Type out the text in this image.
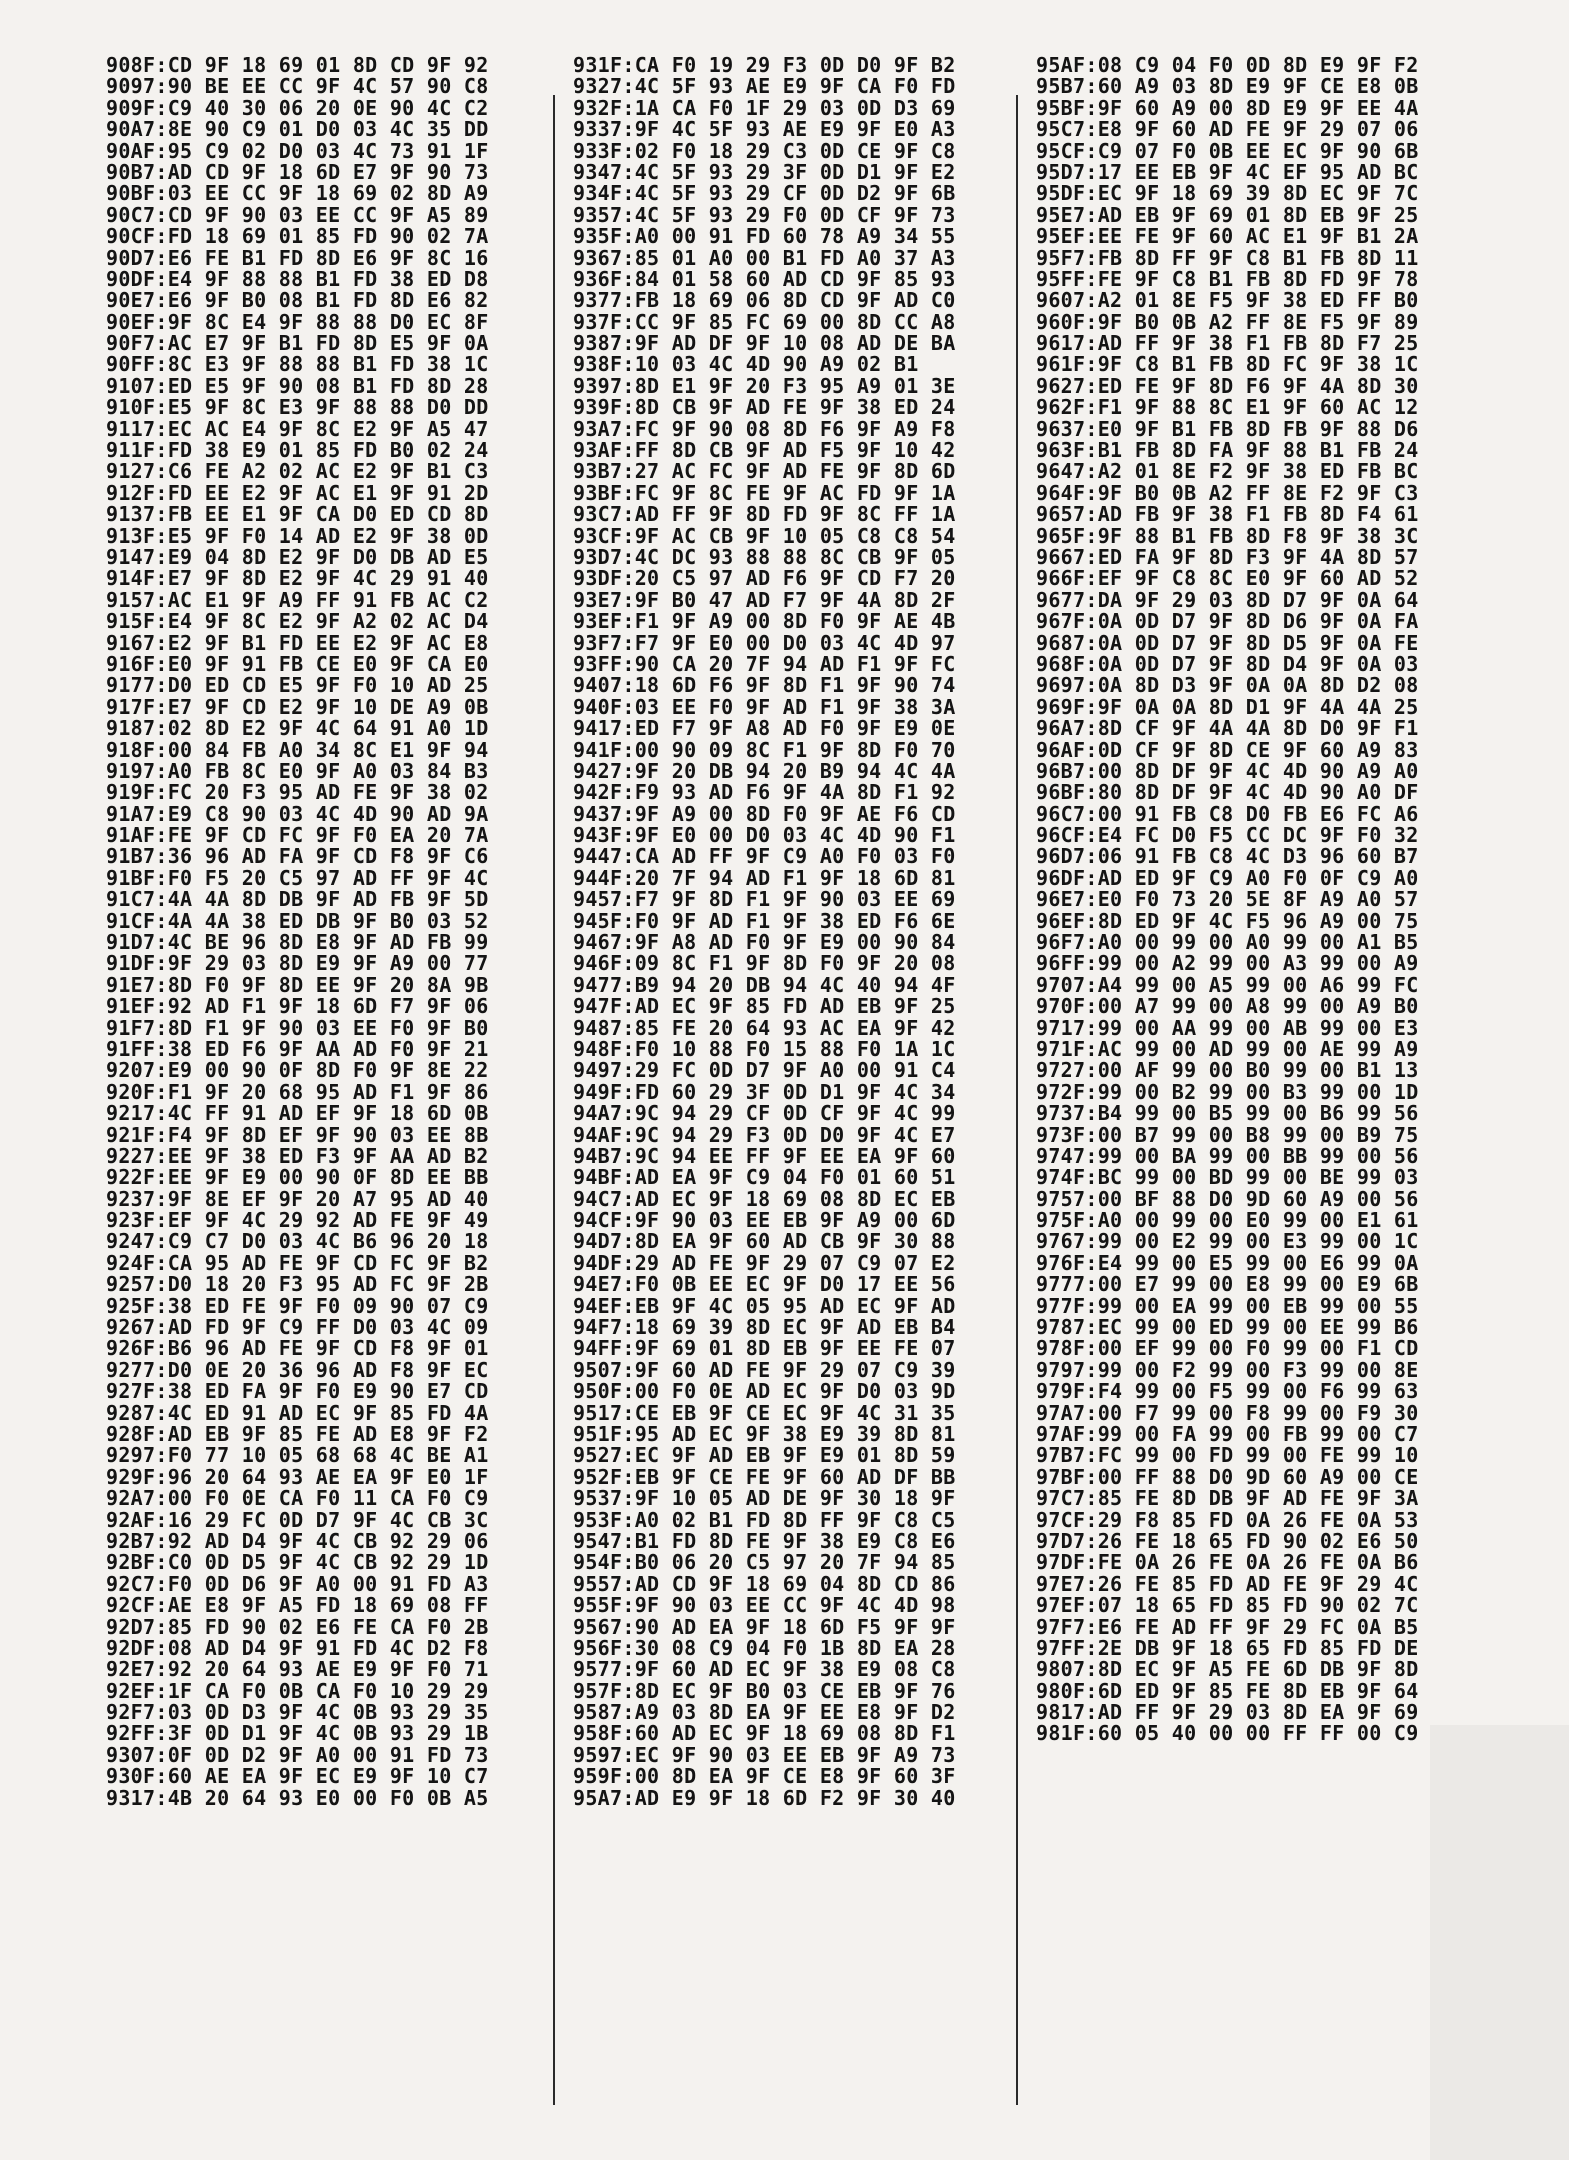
908F:CD 9F 18 69 01 8D CD 9F 92
9097:90 BE EE CC 9F 4C 57 90 C8
909F:C9 40 30 06 20 0E 90 4C C2
90A7:8E 90 C9 01 D0 03 4C 35 DD
90AF:95 C9 02 D0 03 4C 73 91 1F
90B7:AD CD 9F 18 6D E7 9F 90 73
90BF:03 EE CC 9F 18 69 02 8D A9
90C7:CD 9F 90 03 EE CC 9F A5 89
90CF:FD 18 69 01 85 FD 90 02 7A
90D7:E6 FE B1 FD 8D E6 9F 8C 16
90DF:E4 9F 88 88 B1 FD 38 ED D8
90E7:E6 9F B0 08 B1 FD 8D E6 82
90EF:9F 8C E4 9F 88 88 D0 EC 8F
90F7:AC E7 9F B1 FD 8D E5 9F 0A
90FF:8C E3 9F 88 88 B1 FD 38 1C
9107:ED E5 9F 90 08 B1 FD 8D 28
910F:E5 9F 8C E3 9F 88 88 D0 DD
9117:EC AC E4 9F 8C E2 9F A5 47
911F:FD 38 E9 01 85 FD B0 02 24
9127:C6 FE A2 02 AC E2 9F B1 C3
912F:FD EE E2 9F AC E1 9F 91 2D
9137:FB EE E1 9F CA D0 ED CD 8D
913F:E5 9F F0 14 AD E2 9F 38 0D
9147:E9 04 8D E2 9F D0 DB AD E5
914F:E7 9F 8D E2 9F 4C 29 91 40
9157:AC E1 9F A9 FF 91 FB AC C2
915F:E4 9F 8C E2 9F A2 02 AC D4
9167:E2 9F B1 FD EE E2 9F AC E8
916F:E0 9F 91 FB CE E0 9F CA E0
9177:D0 ED CD E5 9F F0 10 AD 25
917F:E7 9F CD E2 9F 10 DE A9 0B
9187:02 8D E2 9F 4C 64 91 A0 1D
918F:00 84 FB A0 34 8C E1 9F 94
9197:A0 FB 8C E0 9F A0 03 84 B3
919F:FC 20 F3 95 AD FE 9F 38 02
91A7:E9 C8 90 03 4C 4D 90 AD 9A
91AF:FE 9F CD FC 9F F0 EA 20 7A
91B7:36 96 AD FA 9F CD F8 9F C6
91BF:F0 F5 20 C5 97 AD FF 9F 4C
91C7:4A 4A 8D DB 9F AD FB 9F 5D
91CF:4A 4A 38 ED DB 9F B0 03 52
91D7:4C BE 96 8D E8 9F AD FB 99
91DF:9F 29 03 8D E9 9F A9 00 77
91E7:8D F0 9F 8D EE 9F 20 8A 9B
91EF:92 AD F1 9F 18 6D F7 9F 06
91F7:8D F1 9F 90 03 EE F0 9F B0
91FF:38 ED F6 9F AA AD F0 9F 21
9207:E9 00 90 0F 8D F0 9F 8E 22
920F:F1 9F 20 68 95 AD F1 9F 86
9217:4C FF 91 AD EF 9F 18 6D 0B
921F:F4 9F 8D EF 9F 90 03 EE 8B
9227:EE 9F 38 ED F3 9F AA AD B2
922F:EE 9F E9 00 90 0F 8D EE BB
9237:9F 8E EF 9F 20 A7 95 AD 40
923F:EF 9F 4C 29 92 AD FE 9F 49
9247:C9 C7 D0 03 4C B6 96 20 18
924F:CA 95 AD FE 9F CD FC 9F B2
9257:D0 18 20 F3 95 AD FC 9F 2B
925F:38 ED FE 9F F0 09 90 07 C9
9267:AD FD 9F C9 FF D0 03 4C 09
926F:B6 96 AD FE 9F CD F8 9F 01
9277:D0 0E 20 36 96 AD F8 9F EC
927F:38 ED FA 9F F0 E9 90 E7 CD
9287:4C ED 91 AD EC 9F 85 FD 4A
928F:AD EB 9F 85 FE AD E8 9F F2
9297:F0 77 10 05 68 68 4C BE A1
929F:96 20 64 93 AE EA 9F E0 1F
92A7:00 F0 0E CA F0 11 CA F0 C9
92AF:16 29 FC 0D D7 9F 4C CB 3C
92B7:92 AD D4 9F 4C CB 92 29 06
92BF:C0 0D D5 9F 4C CB 92 29 1D
92C7:F0 0D D6 9F A0 00 91 FD A3
92CF:AE E8 9F A5 FD 18 69 08 FF
92D7:85 FD 90 02 E6 FE CA F0 2B
92DF:08 AD D4 9F 91 FD 4C D2 F8
92E7:92 20 64 93 AE E9 9F F0 71
92EF:1F CA F0 0B CA F0 10 29 29
92F7:03 0D D3 9F 4C 0B 93 29 35
92FF:3F 0D D1 9F 4C 0B 93 29 1B
9307:0F 0D D2 9F A0 00 91 FD 73
930F:60 AE EA 9F EC E9 9F 10 C7
9317:4B 20 64 93 E0 00 F0 0B A5
931F:CA F0 19 29 F3 0D D0 9F B2
9327:4C 5F 93 AE E9 9F CA F0 FD
932F:1A CA F0 1F 29 03 0D D3 69
9337:9F 4C 5F 93 AE E9 9F E0 A3
933F:02 F0 18 29 C3 0D CE 9F C8
9347:4C 5F 93 29 3F 0D D1 9F E2
934F:4C 5F 93 29 CF 0D D2 9F 6B
9357:4C 5F 93 29 F0 0D CF 9F 73
935F:A0 00 91 FD 60 78 A9 34 55
9367:85 01 A0 00 B1 FD A0 37 A3
936F:84 01 58 60 AD CD 9F 85 93
9377:FB 18 69 06 8D CD 9F AD C0
937F:CC 9F 85 FC 69 00 8D CC A8
9387:9F AD DF 9F 10 08 AD DE BA
938F:10 03 4C 4D 90 A9 02 B1
9397:8D E1 9F 20 F3 95 A9 01 3E
939F:8D CB 9F AD FE 9F 38 ED 24
93A7:FC 9F 90 08 8D F6 9F A9 F8
93AF:FF 8D CB 9F AD F5 9F 10 42
93B7:27 AC FC 9F AD FE 9F 8D 6D
93BF:FC 9F 8C FE 9F AC FD 9F 1A
93C7:AD FF 9F 8D FD 9F 8C FF 1A
93CF:9F AC CB 9F 10 05 C8 C8 54
93D7:4C DC 93 88 88 8C CB 9F 05
93DF:20 C5 97 AD F6 9F CD F7 20
93E7:9F B0 47 AD F7 9F 4A 8D 2F
93EF:F1 9F A9 00 8D F0 9F AE 4B
93F7:F7 9F E0 00 D0 03 4C 4D 97
93FF:90 CA 20 7F 94 AD F1 9F FC
9407:18 6D F6 9F 8D F1 9F 90 74
940F:03 EE F0 9F AD F1 9F 38 3A
9417:ED F7 9F A8 AD F0 9F E9 0E
941F:00 90 09 8C F1 9F 8D F0 70
9427:9F 20 DB 94 20 B9 94 4C 4A
942F:F9 93 AD F6 9F 4A 8D F1 92
9437:9F A9 00 8D F0 9F AE F6 CD
943F:9F E0 00 D0 03 4C 4D 90 F1
9447:CA AD FF 9F C9 A0 F0 03 F0
944F:20 7F 94 AD F1 9F 18 6D 81
9457:F7 9F 8D F1 9F 90 03 EE 69
945F:F0 9F AD F1 9F 38 ED F6 6E
9467:9F A8 AD F0 9F E9 00 90 84
946F:09 8C F1 9F 8D F0 9F 20 08
9477:B9 94 20 DB 94 4C 40 94 4F
947F:AD EC 9F 85 FD AD EB 9F 25
9487:85 FE 20 64 93 AC EA 9F 42
948F:F0 10 88 F0 15 88 F0 1A 1C
9497:29 FC 0D D7 9F A0 00 91 C4
949F:FD 60 29 3F 0D D1 9F 4C 34
94A7:9C 94 29 CF 0D CF 9F 4C 99
94AF:9C 94 29 F3 0D D0 9F 4C E7
94B7:9C 94 EE FF 9F EE EA 9F 60
94BF:AD EA 9F C9 04 F0 01 60 51
94C7:AD EC 9F 18 69 08 8D EC EB
94CF:9F 90 03 EE EB 9F A9 00 6D
94D7:8D EA 9F 60 AD CB 9F 30 88
94DF:29 AD FE 9F 29 07 C9 07 E2
94E7:F0 0B EE EC 9F D0 17 EE 56
94EF:EB 9F 4C 05 95 AD EC 9F AD
94F7:18 69 39 8D EC 9F AD EB B4
94FF:9F 69 01 8D EB 9F EE FE 07
9507:9F 60 AD FE 9F 29 07 C9 39
950F:00 F0 0E AD EC 9F D0 03 9D
9517:CE EB 9F CE EC 9F 4C 31 35
951F:95 AD EC 9F 38 E9 39 8D 81
9527:EC 9F AD EB 9F E9 01 8D 59
952F:EB 9F CE FE 9F 60 AD DF BB
9537:9F 10 05 AD DE 9F 30 18 9F
953F:A0 02 B1 FD 8D FF 9F C8 C5
9547:B1 FD 8D FE 9F 38 E9 C8 E6
954F:B0 06 20 C5 97 20 7F 94 85
9557:AD CD 9F 18 69 04 8D CD 86
955F:9F 90 03 EE CC 9F 4C 4D 98
9567:90 AD EA 9F 18 6D F5 9F 9F
956F:30 08 C9 04 F0 1B 8D EA 28
9577:9F 60 AD EC 9F 38 E9 08 C8
957F:8D EC 9F B0 03 CE EB 9F 76
9587:A9 03 8D EA 9F EE E8 9F D2
958F:60 AD EC 9F 18 69 08 8D F1
9597:EC 9F 90 03 EE EB 9F A9 73
959F:00 8D EA 9F CE E8 9F 60 3F
95A7:AD E9 9F 18 6D F2 9F 30 40
95AF:08 C9 04 F0 0D 8D E9 9F F2
95B7:60 A9 03 8D E9 9F CE E8 0B
95BF:9F 60 A9 00 8D E9 9F EE 4A
95C7:E8 9F 60 AD FE 9F 29 07 06
95CF:C9 07 F0 0B EE EC 9F 90 6B
95D7:17 EE EB 9F 4C EF 95 AD BC
95DF:EC 9F 18 69 39 8D EC 9F 7C
95E7:AD EB 9F 69 01 8D EB 9F 25
95EF:EE FE 9F 60 AC E1 9F B1 2A
95F7:FB 8D FF 9F C8 B1 FB 8D 11
95FF:FE 9F C8 B1 FB 8D FD 9F 78
9607:A2 01 8E F5 9F 38 ED FF B0
960F:9F B0 0B A2 FF 8E F5 9F 89
9617:AD FF 9F 38 F1 FB 8D F7 25
961F:9F C8 B1 FB 8D FC 9F 38 1C
9627:ED FE 9F 8D F6 9F 4A 8D 30
962F:F1 9F 88 8C E1 9F 60 AC 12
9637:E0 9F B1 FB 8D FB 9F 88 D6
963F:B1 FB 8D FA 9F 88 B1 FB 24
9647:A2 01 8E F2 9F 38 ED FB BC
964F:9F B0 0B A2 FF 8E F2 9F C3
9657:AD FB 9F 38 F1 FB 8D F4 61
965F:9F 88 B1 FB 8D F8 9F 38 3C
9667:ED FA 9F 8D F3 9F 4A 8D 57
966F:EF 9F C8 8C E0 9F 60 AD 52
9677:DA 9F 29 03 8D D7 9F 0A 64
967F:0A 0D D7 9F 8D D6 9F 0A FA
9687:0A 0D D7 9F 8D D5 9F 0A FE
968F:0A 0D D7 9F 8D D4 9F 0A 03
9697:0A 8D D3 9F 0A 0A 8D D2 08
969F:9F 0A 0A 8D D1 9F 4A 4A 25
96A7:8D CF 9F 4A 4A 8D D0 9F F1
96AF:0D CF 9F 8D CE 9F 60 A9 83
96B7:00 8D DF 9F 4C 4D 90 A9 A0
96BF:80 8D DF 9F 4C 4D 90 A0 DF
96C7:00 91 FB C8 D0 FB E6 FC A6
96CF:E4 FC D0 F5 CC DC 9F F0 32
96D7:06 91 FB C8 4C D3 96 60 B7
96DF:AD ED 9F C9 A0 F0 0F C9 A0
96E7:E0 F0 73 20 5E 8F A9 A0 57
96EF:8D ED 9F 4C F5 96 A9 00 75
96F7:A0 00 99 00 A0 99 00 A1 B5
96FF:99 00 A2 99 00 A3 99 00 A9
9707:A4 99 00 A5 99 00 A6 99 FC
970F:00 A7 99 00 A8 99 00 A9 B0
9717:99 00 AA 99 00 AB 99 00 E3
971F:AC 99 00 AD 99 00 AE 99 A9
9727:00 AF 99 00 B0 99 00 B1 13
972F:99 00 B2 99 00 B3 99 00 1D
9737:B4 99 00 B5 99 00 B6 99 56
973F:00 B7 99 00 B8 99 00 B9 75
9747:99 00 BA 99 00 BB 99 00 56
974F:BC 99 00 BD 99 00 BE 99 03
9757:00 BF 88 D0 9D 60 A9 00 56
975F:A0 00 99 00 E0 99 00 E1 61
9767:99 00 E2 99 00 E3 99 00 1C
976F:E4 99 00 E5 99 00 E6 99 0A
9777:00 E7 99 00 E8 99 00 E9 6B
977F:99 00 EA 99 00 EB 99 00 55
9787:EC 99 00 ED 99 00 EE 99 B6
978F:00 EF 99 00 F0 99 00 F1 CD
9797:99 00 F2 99 00 F3 99 00 8E
979F:F4 99 00 F5 99 00 F6 99 63
97A7:00 F7 99 00 F8 99 00 F9 30
97AF:99 00 FA 99 00 FB 99 00 C7
97B7:FC 99 00 FD 99 00 FE 99 10
97BF:00 FF 88 D0 9D 60 A9 00 CE
97C7:85 FE 8D DB 9F AD FE 9F 3A
97CF:29 F8 85 FD 0A 26 FE 0A 53
97D7:26 FE 18 65 FD 90 02 E6 50
97DF:FE 0A 26 FE 0A 26 FE 0A B6
97E7:26 FE 85 FD AD FE 9F 29 4C
97EF:07 18 65 FD 85 FD 90 02 7C
97F7:E6 FE AD FF 9F 29 FC 0A B5
97FF:2E DB 9F 18 65 FD 85 FD DE
9807:8D EC 9F A5 FE 6D DB 9F 8D
980F:6D ED 9F 85 FE 8D EB 9F 64
9817:AD FF 9F 29 03 8D EA 9F 69
981F:60 05 40 00 00 FF FF 00 C9
